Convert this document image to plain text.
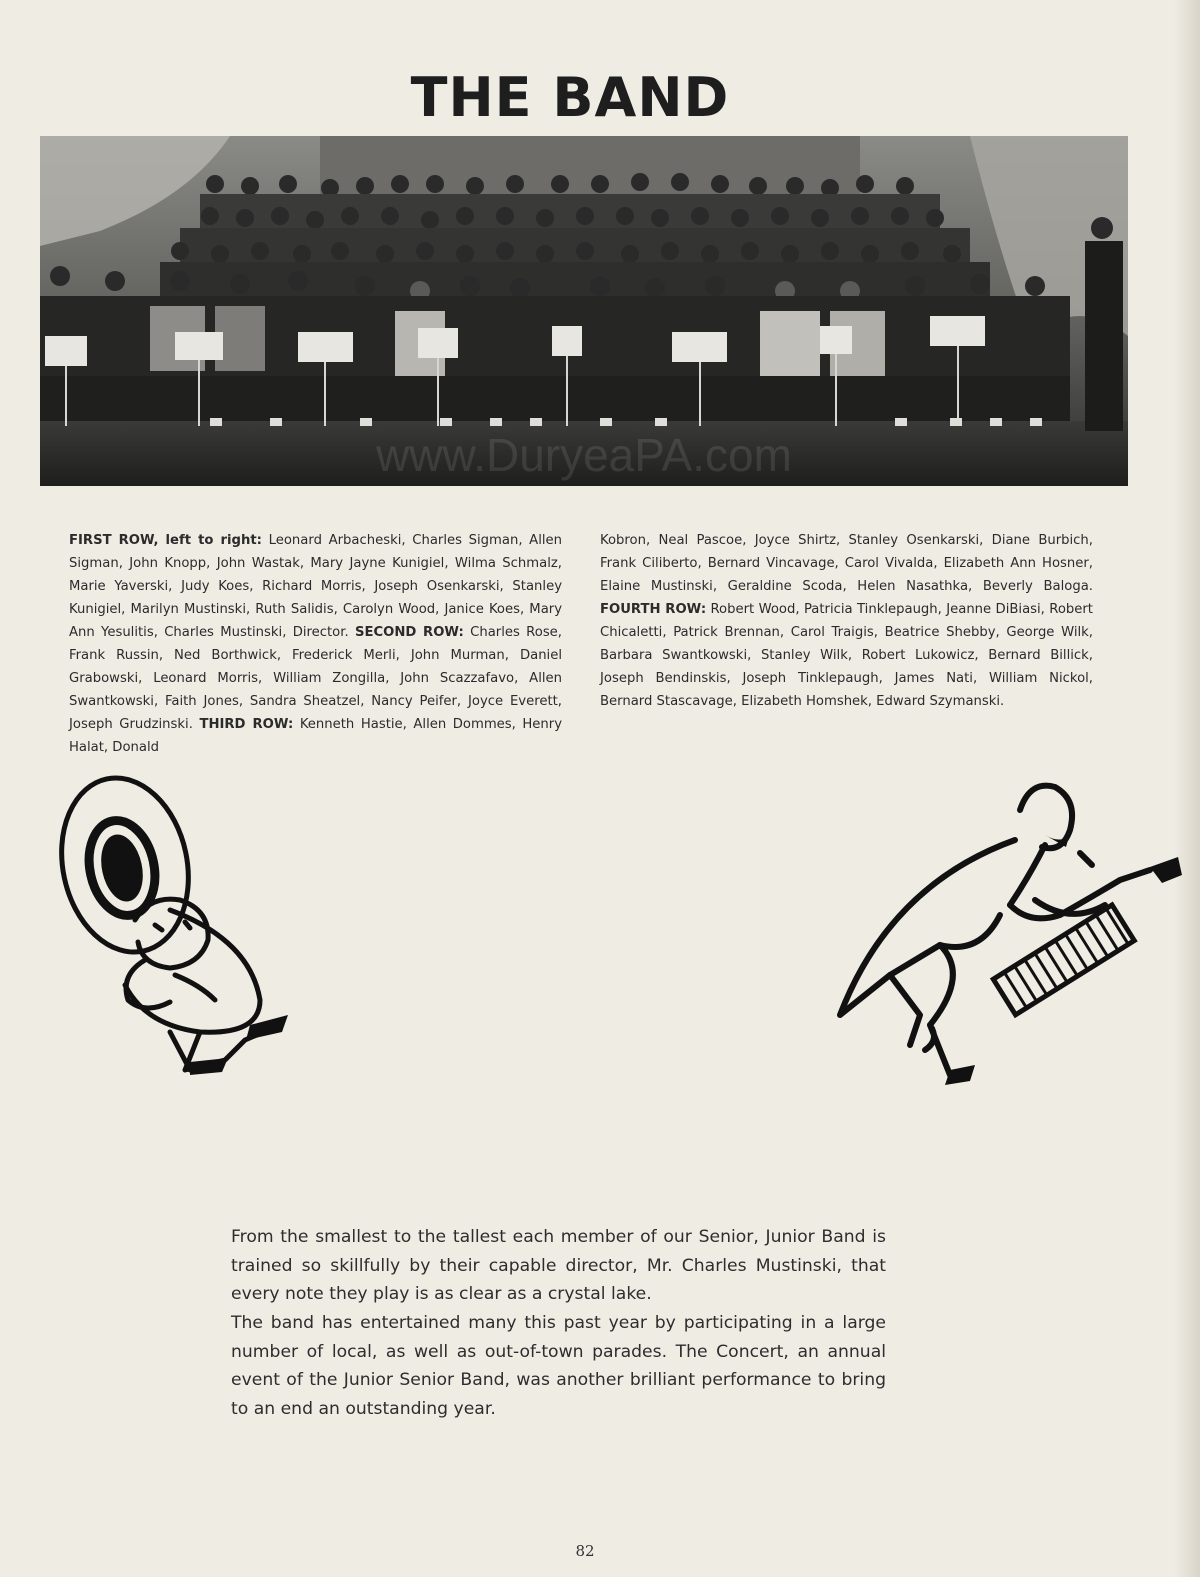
THE BAND
www.DuryeaPA.com

FIRST ROW, left to right: Leonard Arbacheski, Charles Sigman, Allen Sigman, John Knopp, John Wastak, Mary Jayne Kunigiel, Wilma Schmalz, Marie Yaverski, Judy Koes, Richard Morris, Joseph Osenkarski, Stanley Kunigiel, Marilyn Mustinski, Ruth Salidis, Carolyn Wood, Janice Koes, Mary Ann Yesulitis, Charles Mustinski, Director. SECOND ROW: Charles Rose, Frank Russin, Ned Borthwick, Frederick Merli, John Murman, Daniel Grabowski, Leonard Morris, William Zongilla, John Scazzafavo, Allen Swantkowski, Faith Jones, Sandra Sheatzel, Nancy Peifer, Joyce Everett, Joseph Grudzinski. THIRD ROW: Kenneth Hastie, Allen Dommes, Henry Halat, Donald

Kobron, Neal Pascoe, Joyce Shirtz, Stanley Osenkarski, Diane Burbich, Frank Ciliberto, Bernard Vincavage, Carol Vivalda, Elizabeth Ann Hosner, Elaine Mustinski, Geraldine Scoda, Helen Nasathka, Beverly Baloga. FOURTH ROW: Robert Wood, Patricia Tinklepaugh, Jeanne DiBiasi, Robert Chicaletti, Patrick Brennan, Carol Traigis, Beatrice Shebby, George Wilk, Barbara Swantkowski, Stanley Wilk, Robert Lukowicz, Bernard Billick, Joseph Bendinskis, Joseph Tinklepaugh, James Nati, William Nickol, Bernard Stascavage, Elizabeth Homshek, Edward Szymanski.

From the smallest to the tallest each member of our Senior, Junior Band is trained so skillfully by their capable director, Mr. Charles Mustinski, that every note they play is as clear as a crystal lake.

The band has entertained many this past year by participating in a large number of local, as well as out-of-town parades. The Concert, an annual event of the Junior Senior Band, was another brilliant performance to bring to an end an outstanding year.

82
